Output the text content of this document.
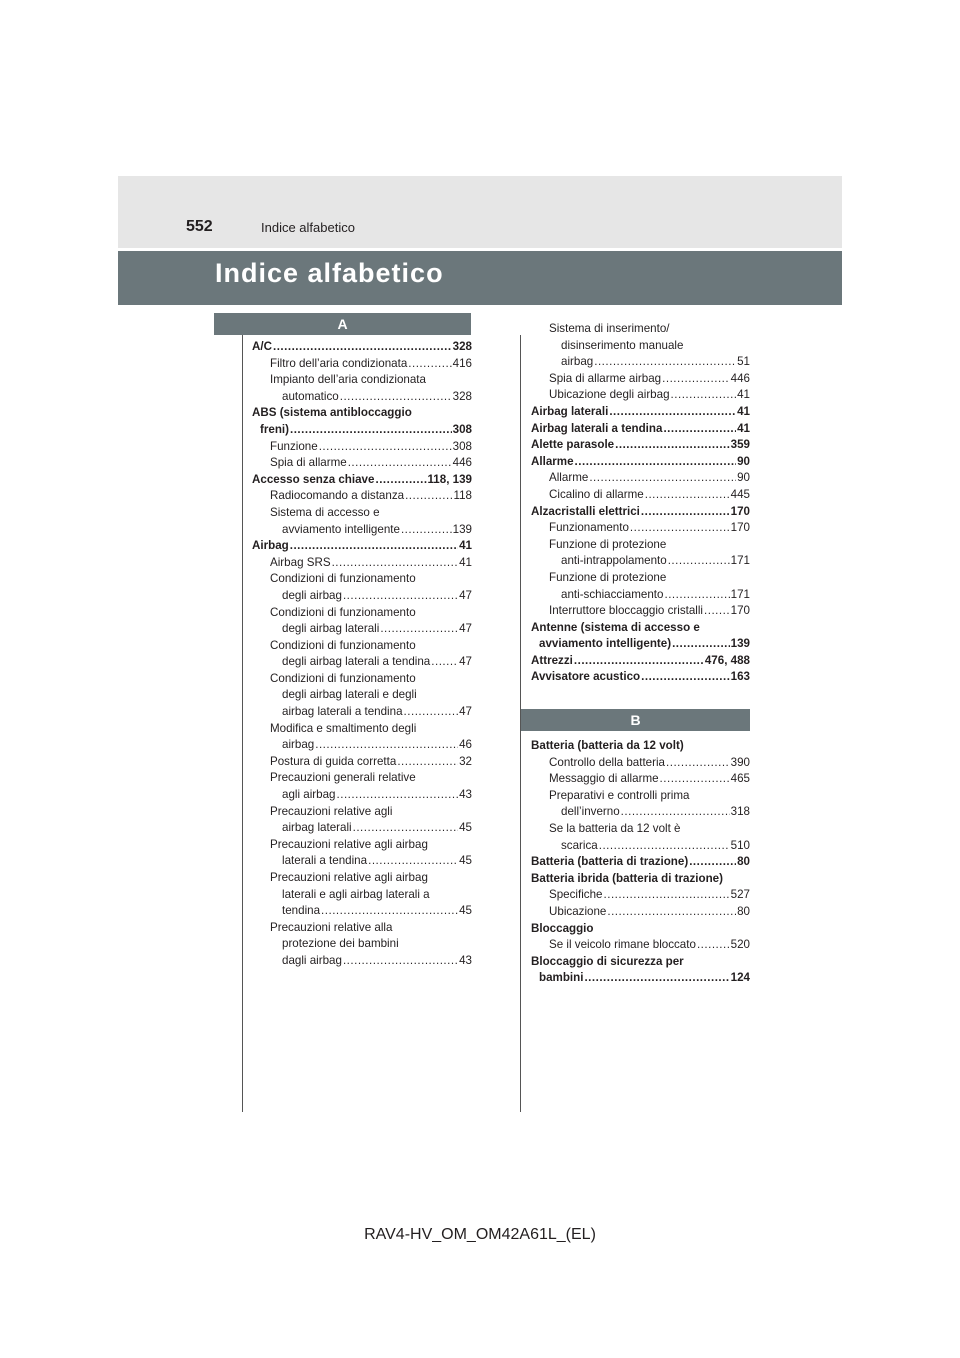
552	Indice alfabetico
Indice alfabetico
A
B
A/C .....	328
Filtro dell’aria condizionata .....	416
Impianto dell’aria condizionata
automatico .....	328
ABS (sistema antibloccaggio
freni) .....	308
Funzione .....	308
Spia di allarme .....	446
Accesso senza chiave .....	118, 139
Radiocomando a distanza .....	118
Sistema di accesso e
avviamento intelligente .....	139
Airbag .....	41
Airbag SRS .....	41
Condizioni di funzionamento
degli airbag .....	47
Condizioni di funzionamento
degli airbag laterali .....	47
Condizioni di funzionamento
degli airbag laterali a tendina ..... 47
Condizioni di funzionamento
degli airbag laterali e degli
airbag laterali a tendina .....	47
Modifica e smaltimento degli
airbag .....	46
Postura di guida corretta .....	32
Precauzioni generali relative
agli airbag .....	43
Precauzioni relative agli
airbag laterali .....	45
Precauzioni relative agli airbag
laterali a tendina .....	45
Precauzioni relative agli airbag
laterali e agli airbag laterali a
tendina .....	45
Precauzioni relative alla
protezione dei bambini
dagli airbag .....	43
Sistema di inserimento/
disinserimento manuale
airbag .....	51
Spia di allarme airbag .....	446
Ubicazione degli airbag .....	41
Airbag laterali .....	41
Airbag laterali a tendina .....	41
Alette parasole .....	359
Allarme .....	90
Allarme .....	90
Cicalino di allarme .....	445
Alzacristalli elettrici .....	170
Funzionamento .....	170
Funzione di protezione
anti-intrappolamento .....	171
Funzione di protezione
anti-schiacciamento .....	171
Interruttore bloccaggio cristalli ..... 170
Antenne (sistema di accesso e
avviamento intelligente) .....	139
Attrezzi .....	476, 488
Avvisatore acustico .....	163
Batteria (batteria da 12 volt)
Controllo della batteria .....	390
Messaggio di allarme .....	465
Preparativi e controlli prima
dell’inverno .....	318
Se la batteria da 12 volt è
scarica .....	510
Batteria (batteria di trazione) .....	80
Batteria ibrida (batteria di trazione)
Specifiche .....	527
Ubicazione .....	80
Bloccaggio
Se il veicolo rimane bloccato .....	520
Bloccaggio di sicurezza per
bambini .....	124
RAV4-HV_OM_OM42A61L_(EL)
